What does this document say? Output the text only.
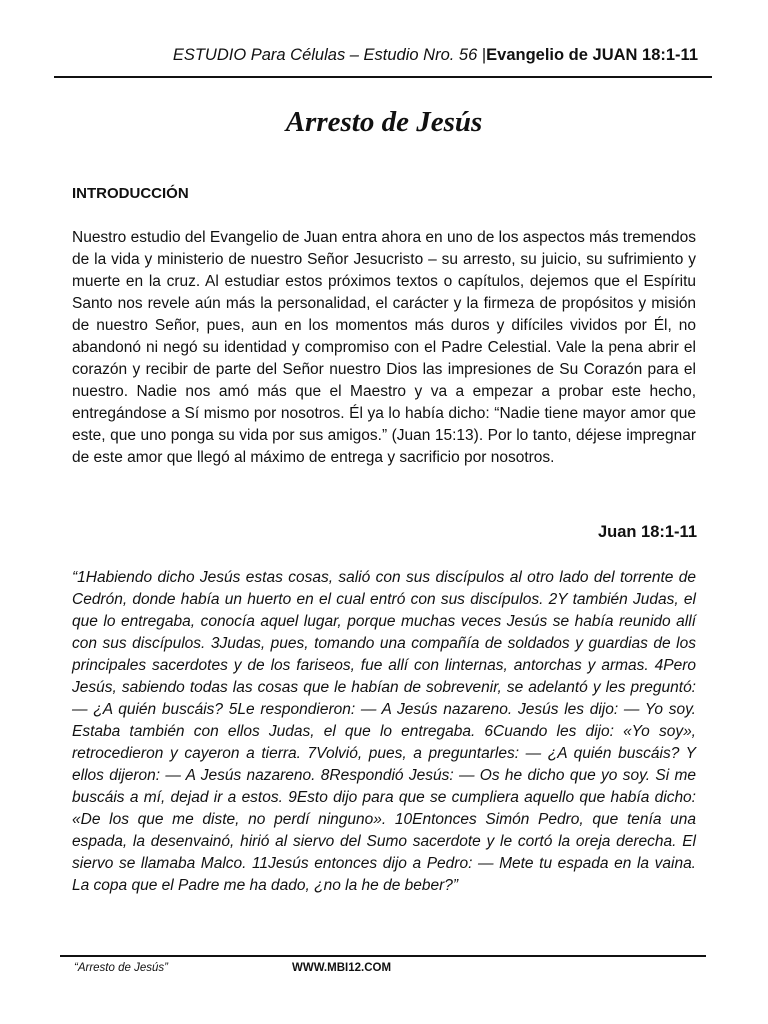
ESTUDIO Para Células – Estudio Nro. 56 |Evangelio de JUAN 18:1-11
Arresto de Jesús
INTRODUCCIÓN
Nuestro estudio del Evangelio de Juan entra ahora en uno de los aspectos más tremendos de la vida y ministerio de nuestro Señor Jesucristo – su arresto, su juicio, su sufrimiento y muerte en la cruz. Al estudiar estos próximos textos o capítulos, dejemos que el Espíritu Santo nos revele aún más la personalidad, el carácter y la firmeza de propósitos y misión de nuestro Señor, pues, aun en los momentos más duros y difíciles vividos por Él, no abandonó ni negó su identidad y compromiso con el Padre Celestial. Vale la pena abrir el corazón y recibir de parte del Señor nuestro Dios las impresiones de Su Corazón para el nuestro. Nadie nos amó más que el Maestro y va a empezar a probar este hecho, entregándose a Sí mismo por nosotros. Él ya lo había dicho: “Nadie tiene mayor amor que este, que uno ponga su vida por sus amigos.” (Juan 15:13). Por lo tanto, déjese impregnar de este amor que llegó al máximo de entrega y sacrificio por nosotros.
Juan 18:1-11
“1Habiendo dicho Jesús estas cosas, salió con sus discípulos al otro lado del torrente de Cedrón, donde había un huerto en el cual entró con sus discípulos. 2Y también Judas, el que lo entregaba, conocía aquel lugar, porque muchas veces Jesús se había reunido allí con sus discípulos. 3Judas, pues, tomando una compañía de soldados y guardias de los principales sacerdotes y de los fariseos, fue allí con linternas, antorchas y armas. 4Pero Jesús, sabiendo todas las cosas que le habían de sobrevenir, se adelantó y les preguntó: — ¿A quién buscáis? 5Le respondieron: — A Jesús nazareno. Jesús les dijo: — Yo soy. Estaba también con ellos Judas, el que lo entregaba. 6Cuando les dijo: «Yo soy», retrocedieron y cayeron a tierra. 7Volvió, pues, a preguntarles: — ¿A quién buscáis? Y ellos dijeron: — A Jesús nazareno. 8Respondió Jesús: — Os he dicho que yo soy. Si me buscáis a mí, dejad ir a estos. 9Esto dijo para que se cumpliera aquello que había dicho: «De los que me diste, no perdí ninguno». 10Entonces Simón Pedro, que tenía una espada, la desenvainó, hirió al siervo del Sumo sacerdote y le cortó la oreja derecha. El siervo se llamaba Malco. 11Jesús entonces dijo a Pedro: — Mete tu espada en la vaina. La copa que el Padre me ha dado, ¿no la he de beber?”
“Arresto de Jesús”	WWW.MBI12.COM
